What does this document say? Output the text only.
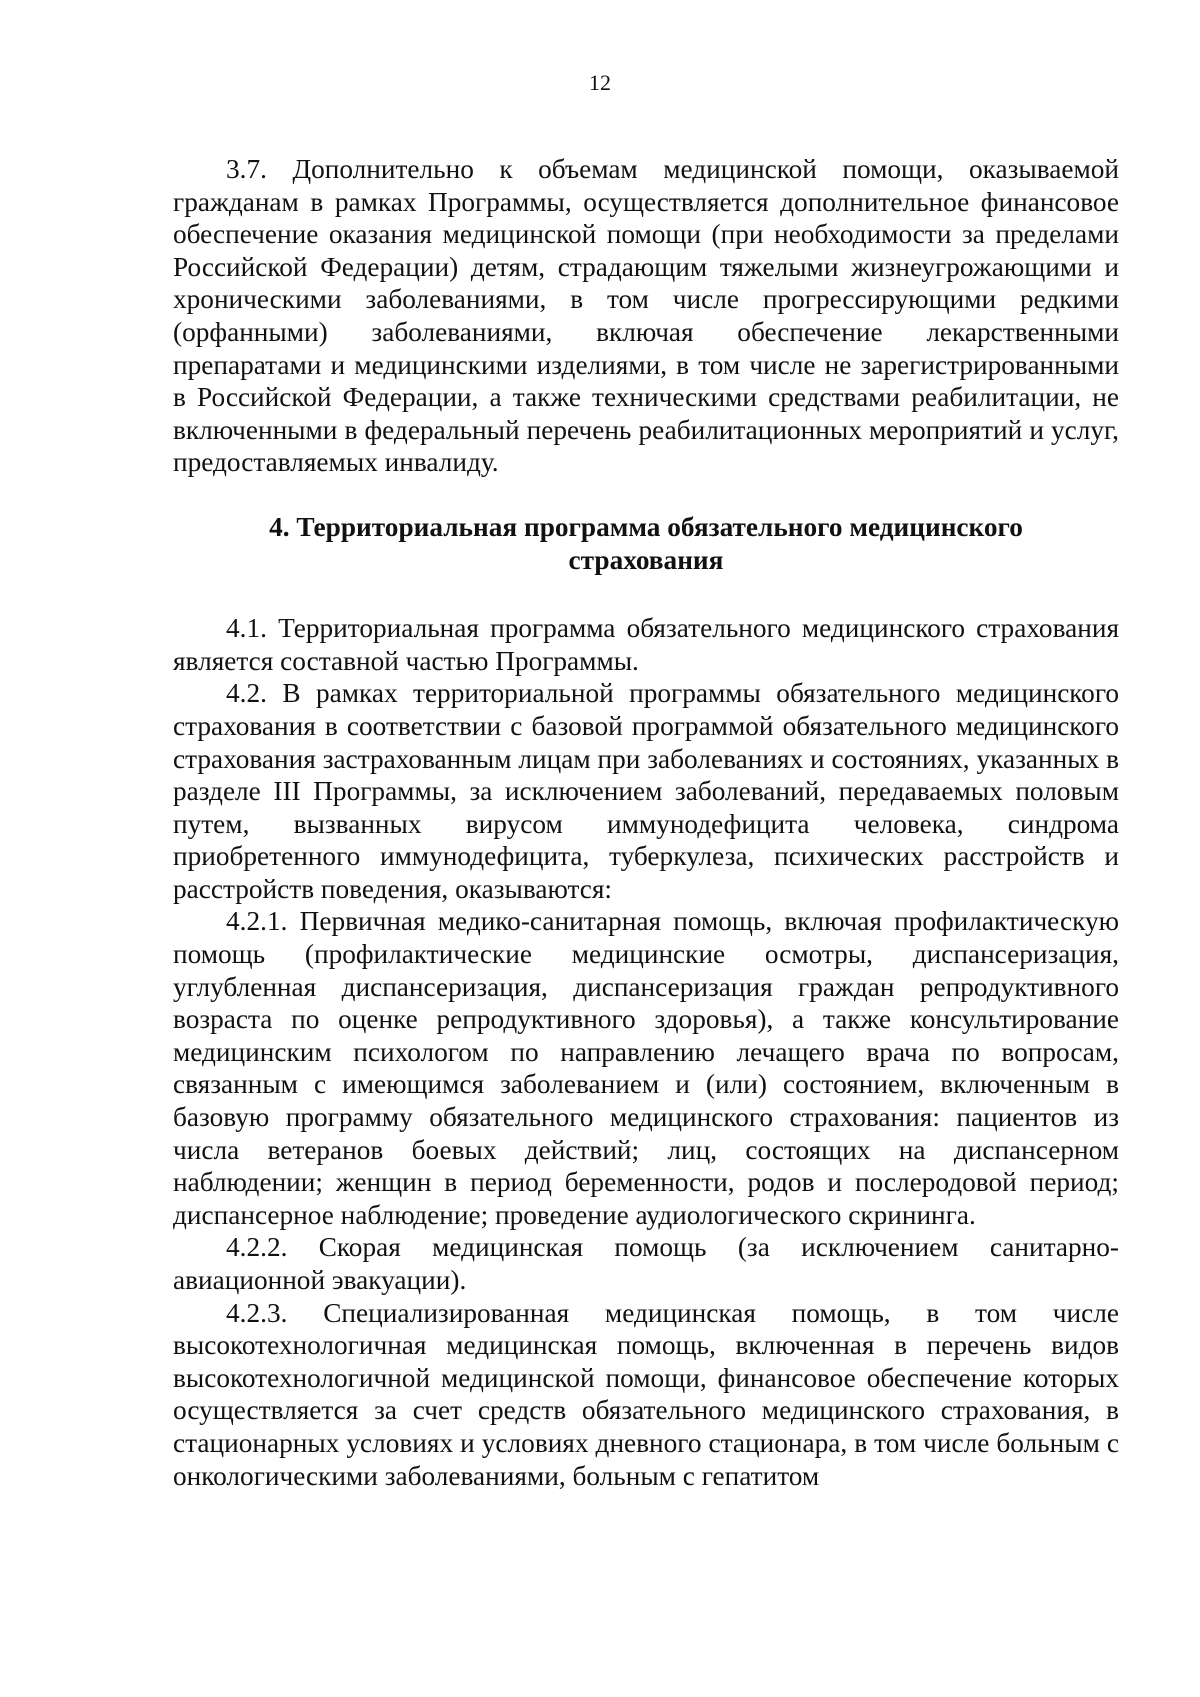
12

3.7. Дополнительно к объемам медицинской помощи, оказываемой гражданам в рамках Программы, осуществляется дополнительное финансовое обеспечение оказания медицинской помощи (при необходимости за пределами Российской Федерации) детям, страдающим тяжелыми жизнеугрожающими и хроническими заболеваниями, в том числе прогрессирующими редкими (орфанными) заболеваниями, включая обеспечение лекарственными препаратами и медицинскими изделиями, в том числе не зарегистрированными в Российской Федерации, а также техническими средствами реабилитации, не включенными в федеральный перечень реабилитационных мероприятий и услуг, предоставляемых инвалиду.

4. Территориальная программа обязательного медицинского
страхования

4.1. Территориальная программа обязательного медицинского страхования является составной частью Программы.

4.2. В рамках территориальной программы обязательного медицинского страхования в соответствии с базовой программой обязательного медицинского страхования застрахованным лицам при заболеваниях и состояниях, указанных в разделе III Программы, за исключением заболеваний, передаваемых половым путем, вызванных вирусом иммунодефицита человека, синдрома приобретенного иммунодефицита, туберкулеза, психических расстройств и расстройств поведения, оказываются:

4.2.1. Первичная медико-санитарная помощь, включая профилактическую помощь (профилактические медицинские осмотры, диспансеризация, углубленная диспансеризация, диспансеризация граждан репродуктивного возраста по оценке репродуктивного здоровья), а также консультирование медицинским психологом по направлению лечащего врача по вопросам, связанным с имеющимся заболеванием и (или) состоянием, включенным в базовую программу обязательного медицинского страхования: пациентов из числа ветеранов боевых действий; лиц, состоящих на диспансерном наблюдении; женщин в период беременности, родов и послеродовой период; диспансерное наблюдение; проведение аудиологического скрининга.

4.2.2. Скорая медицинская помощь (за исключением санитарно-авиационной эвакуации).

4.2.3. Специализированная медицинская помощь, в том числе высокотехнологичная медицинская помощь, включенная в перечень видов высокотехнологичной медицинской помощи, финансовое обеспечение которых осуществляется за счет средств обязательного медицинского страхования, в стационарных условиях и условиях дневного стационара, в том числе больным с онкологическими заболеваниями, больным с гепатитом
